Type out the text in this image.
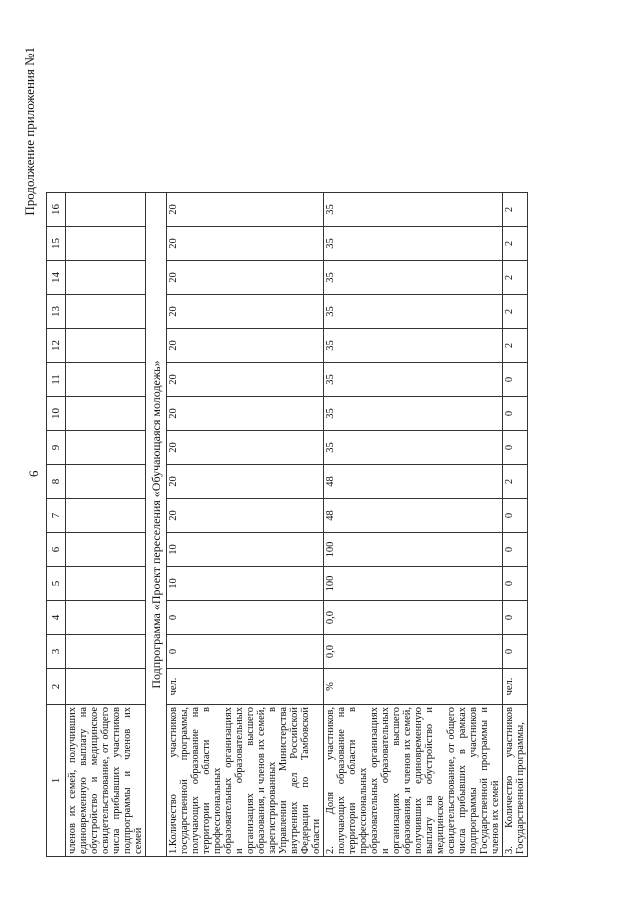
6
Продолжение приложения №1
1	2	3	4	5	6	7	8	9	10	11	12	13	14	15	16
членов их семей, получивших единовременную выплату на обустройство и медицинское освидетельствование, от общего числа прибывших участников подпрограммы и членов их семей															
Подпрограмма «Проект переселения «Обучающаяся молодежь»															
1.Количество участников государственной программы, получающих образование на территории области в профессиональных образовательных организациях и образовательных организациях высшего образования, и членов их семей, зарегистрированных в Управлении Министерства внутренних дел Российской Федерации по Тамбовской области	чел.	0	0	10	10	20	20	20	20	20	20	20	20	20	20
2. Доля участников, получающих образование на территории области в профессиональных образовательных организациях и образовательных организациях высшего образования, и членов их семей, получивших единовременную выплату на обустройство и медицинское освидетельствование, от общего числа прибывших в рамках подпрограммы участников Государственной программы и членов их семей	%	0,0	0,0	100	100	48	48	35	35	35	35	35	35	35	35
3. Количество участников Государственной программы,	чел.	0	0	0	0	0	2	0	0	0	2	2	2	2	2
